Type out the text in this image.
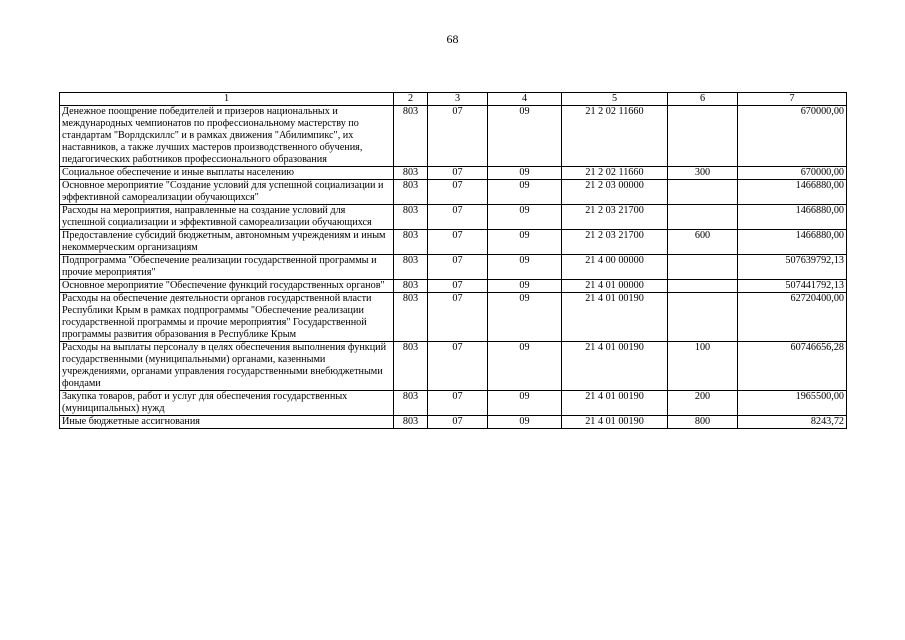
68
1	2	3	4	5	6	7
Денежное поощрение победителей и призеров национальных и международных чемпионатов по профессиональному мастерству по стандартам "Ворлдскиллс" и в рамках движения "Абилимпикс", их наставников, а также лучших мастеров производственного обучения, педагогических работников профессионального образования	803	07	09	21 2 02 11660		670000,00
Социальное обеспечение и иные выплаты населению	803	07	09	21 2 02 11660	300	670000,00
Основное мероприятие "Создание условий для успешной социализации и эффективной самореализации обучающихся"	803	07	09	21 2 03 00000		1466880,00
Расходы на мероприятия, направленные на создание условий для успешной социализации и эффективной самореализации обучающихся	803	07	09	21 2 03 21700		1466880,00
Предоставление субсидий бюджетным, автономным учреждениям и иным некоммерческим организациям	803	07	09	21 2 03 21700	600	1466880,00
Подпрограмма "Обеспечение реализации государственной программы и прочие мероприятия"	803	07	09	21 4 00 00000		507639792,13
Основное мероприятие "Обеспечение функций государственных органов"	803	07	09	21 4 01 00000		507441792,13
Расходы на обеспечение деятельности органов государственной власти Республики Крым в рамках подпрограммы "Обеспечение реализации государственной программы и прочие мероприятия" Государственной программы развития образования в Республике Крым	803	07	09	21 4 01 00190		62720400,00
Расходы на выплаты персоналу в целях обеспечения выполнения функций государственными (муниципальными) органами, казенными учреждениями, органами управления государственными внебюджетными фондами	803	07	09	21 4 01 00190	100	60746656,28
Закупка товаров, работ и услуг для обеспечения государственных (муниципальных) нужд	803	07	09	21 4 01 00190	200	1965500,00
Иные бюджетные ассигнования	803	07	09	21 4 01 00190	800	8243,72
